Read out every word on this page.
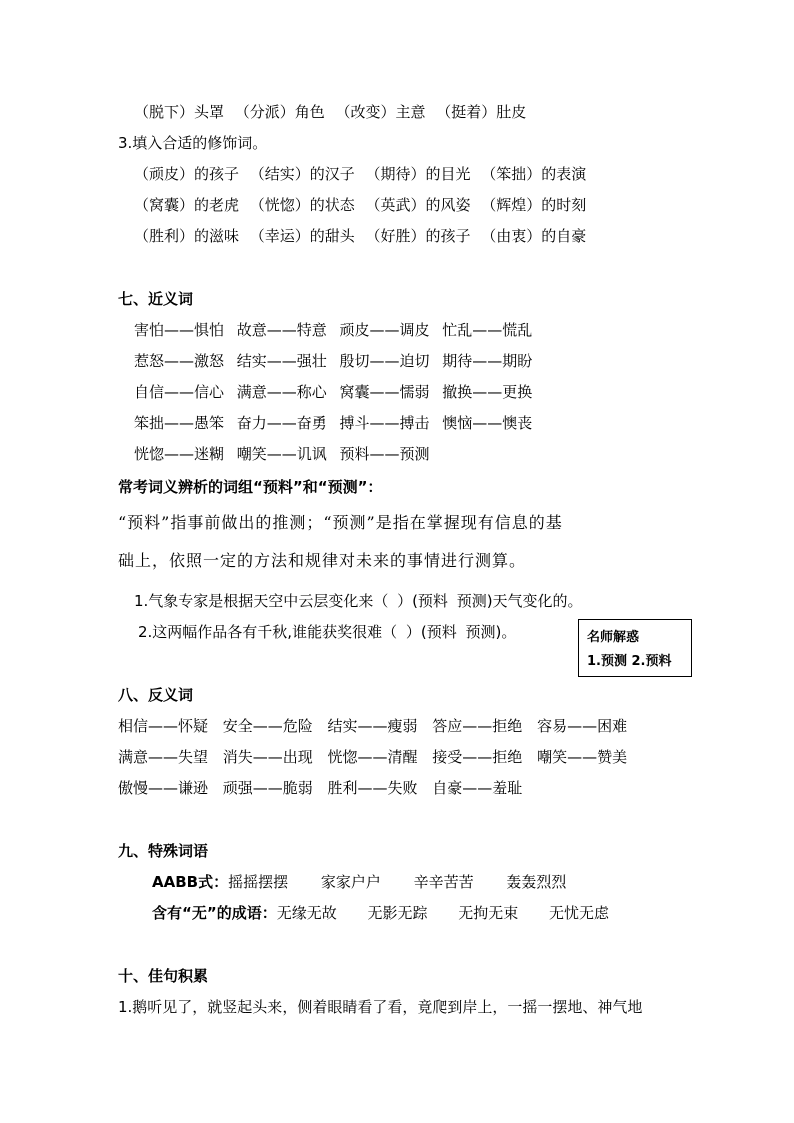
（脱下）头罩 （分派）角色 （改变）主意 （挺着）肚皮
3.填入合适的修饰词。
（顽皮）的孩子 （结实）的汉子 （期待）的目光 （笨拙）的表演
（窝囊）的老虎 （恍惚）的状态 （英武）的风姿 （辉煌）的时刻
（胜利）的滋味 （幸运）的甜头 （好胜）的孩子 （由衷）的自豪
七、近义词
害怕——惧怕 故意——特意 顽皮——调皮 忙乱——慌乱
惹怒——激怒 结实——强壮 殷切——迫切 期待——期盼
自信——信心 满意——称心 窝囊——懦弱 撤换——更换
笨拙——愚笨 奋力——奋勇 搏斗——搏击 懊恼——懊丧
恍惚——迷糊 嘲笑——讥讽 预料——预测
常考词义辨析的词组“预料”和“预测”：
“预料”指事前做出的推测；“预测”是指在掌握现有信息的基
础上，依照一定的方法和规律对未来的事情进行测算。
1.气象专家是根据天空中云层变化来（ ）(预料 预测)天气变化的。
2.这两幅作品各有千秋,谁能获奖很难（ ）(预料 预测)。	名师解惑
1.预测 2.预料
八、反义词
相信——怀疑 安全——危险 结实——瘦弱 答应——拒绝 容易——困难
满意——失望 消失——出现 恍惚——清醒 接受——拒绝 嘲笑——赞美
傲慢——谦逊 顽强——脆弱 胜利——失败 自豪——羞耻
九、特殊词语
AABB式：摇摇摆摆 家家户户 辛辛苦苦 轰轰烈烈
含有“无”的成语：无缘无故 无影无踪 无拘无束 无忧无虑
十、佳句积累
1.鹅听见了，就竖起头来，侧着眼睛看了看，竟爬到岸上，一摇一摆地、神气地
